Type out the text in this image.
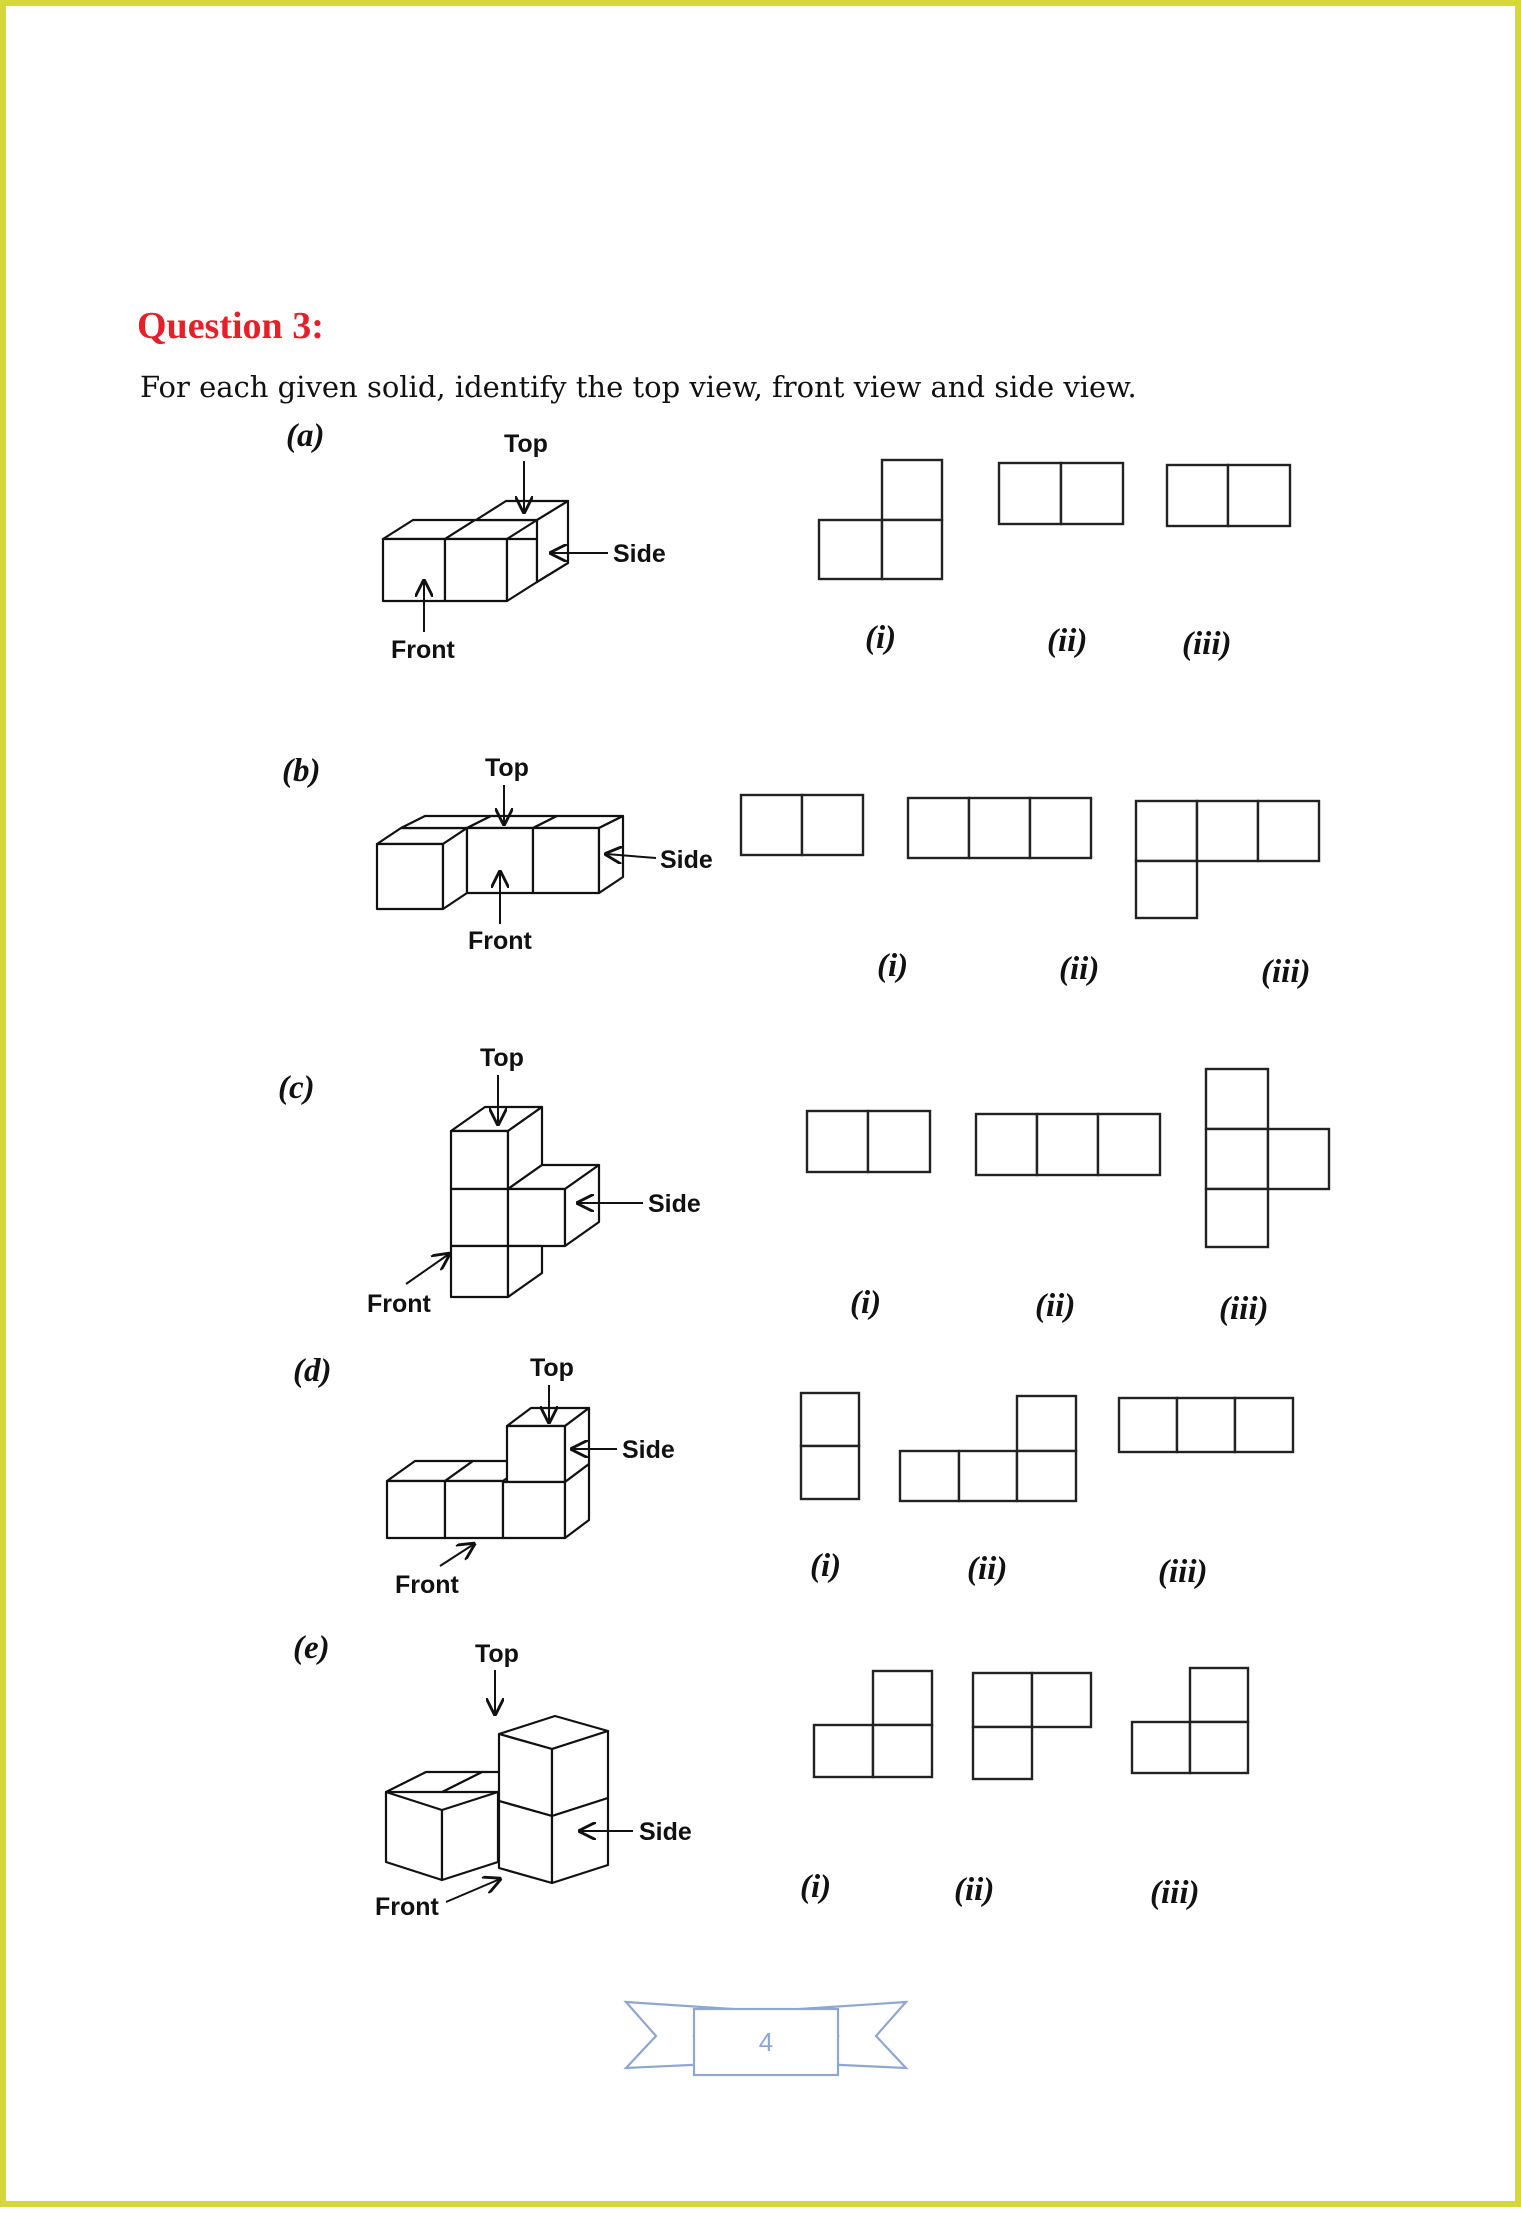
Question 3:

For each given solid, identify the top view, front view and side view.

(a)	Top
Side
Front	(i)	(ii)	(iii)
(b)	Top
Side
Front
(i)	(ii)	(iii)
(c)
Top
Side
Front	(i)	(ii)	(iii)
(d)	Top
Side
Front
(i)	(ii)	(iii)
(e)	Top
Side
Front
(i)	(ii)	(iii)
4
